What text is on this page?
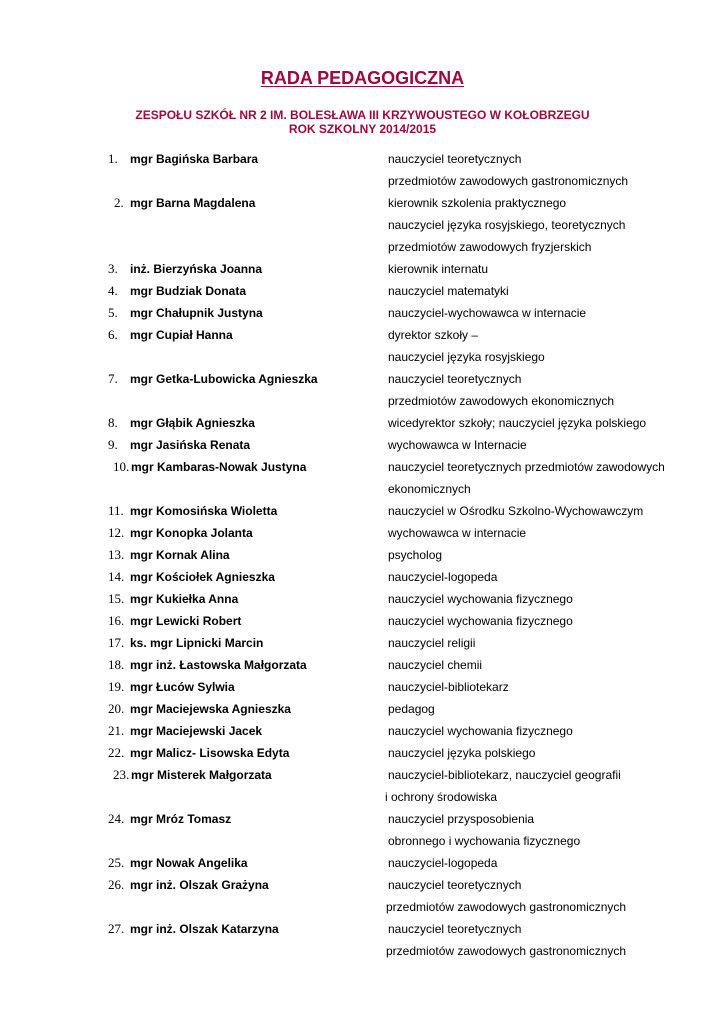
RADA PEDAGOGICZNA
ZESPOŁU SZKÓŁ NR 2 IM. BOLESŁAWA III KRZYWOUSTEGO W KOŁOBRZEGU
ROK SZKOLNY 2014/2015
1. mgr Bagińska Barbara	nauczyciel teoretycznych
przedmiotów zawodowych gastronomicznych
2. mgr Barna Magdalena	kierownik szkolenia praktycznego
nauczyciel języka rosyjskiego, teoretycznych
przedmiotów zawodowych fryzjerskich
3. inż. Bierzyńska Joanna	kierownik internatu
4. mgr Budziak Donata	nauczyciel matematyki
5. mgr Chałupnik Justyna	nauczyciel-wychowawca w internacie
6. mgr Cupiał Hanna	dyrektor szkoły –
nauczyciel języka rosyjskiego
7. mgr Getka-Lubowicka Agnieszka	nauczyciel teoretycznych
przedmiotów zawodowych ekonomicznych
8. mgr Głąbik Agnieszka	wicedyrektor szkoły; nauczyciel języka polskiego
9. mgr Jasińska Renata	wychowawca w Internacie
10. mgr Kambaras-Nowak Justyna	nauczyciel teoretycznych przedmiotów zawodowych
ekonomicznych
11. mgr Komosińska Wioletta	nauczyciel w Ośrodku Szkolno-Wychowawczym
12. mgr Konopka Jolanta	wychowawca w internacie
13. mgr Kornak Alina	psycholog
14. mgr Kościołek Agnieszka	nauczyciel-logopeda
15. mgr Kukiełka Anna	nauczyciel wychowania fizycznego
16. mgr Lewicki Robert	nauczyciel wychowania fizycznego
17. ks. mgr Lipnicki Marcin	nauczyciel religii
18. mgr inż. Łastowska Małgorzata	nauczyciel chemii
19. mgr Łuców Sylwia	nauczyciel-bibliotekarz
20. mgr Maciejewska Agnieszka	pedagog
21. mgr Maciejewski Jacek	nauczyciel wychowania fizycznego
22. mgr Malicz- Lisowska Edyta	nauczyciel języka polskiego
23. mgr Misterek Małgorzata	nauczyciel-bibliotekarz, nauczyciel geografii
i ochrony środowiska
24. mgr Mróz Tomasz	nauczyciel przysposobienia
obronnego i wychowania fizycznego
25. mgr Nowak Angelika	nauczyciel-logopeda
26. mgr inż. Olszak Grażyna	nauczyciel teoretycznych
przedmiotów zawodowych gastronomicznych
27. mgr inż. Olszak Katarzyna	nauczyciel teoretycznych
przedmiotów zawodowych gastronomicznych
